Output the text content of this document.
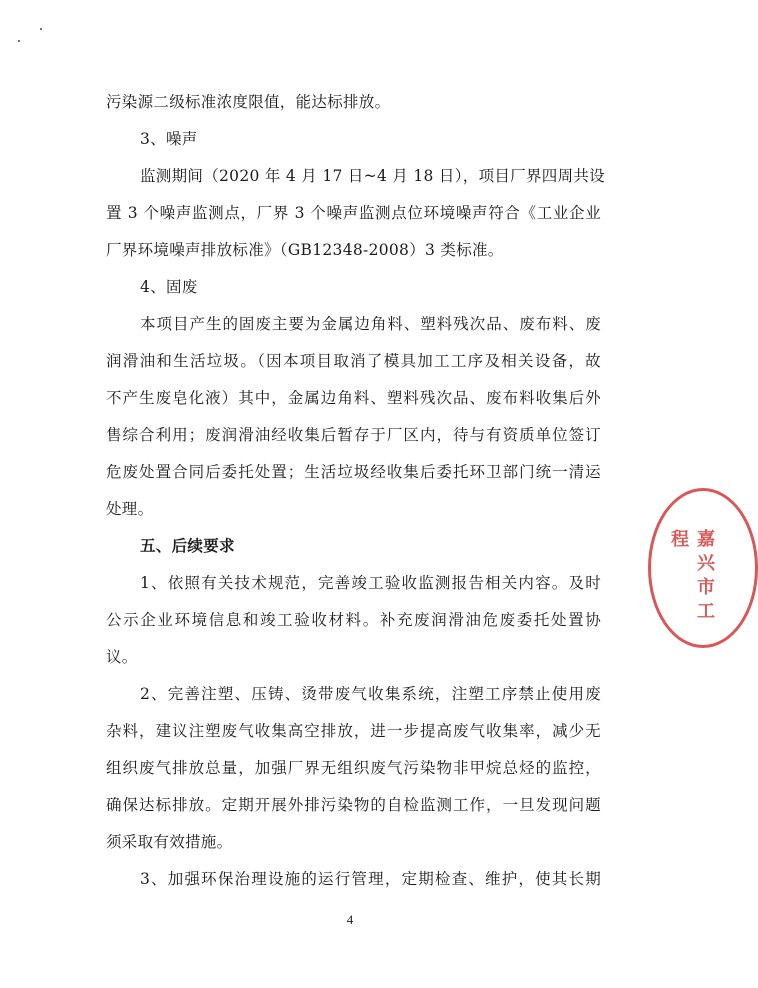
污染源二级标准浓度限值，能达标排放。
3、噪声
监测期间（2020 年 4 月 17 日~4 月 18 日），项目厂界四周共设
置 3 个噪声监测点，厂界 3 个噪声监测点位环境噪声符合《工业企业
厂界环境噪声排放标准》（GB12348-2008）3 类标准。
4、固废
本项目产生的固废主要为金属边角料、塑料残次品、废布料、废
润滑油和生活垃圾。（因本项目取消了模具加工工序及相关设备，故
不产生废皂化液）其中，金属边角料、塑料残次品、废布料收集后外
售综合利用；废润滑油经收集后暂存于厂区内，待与有资质单位签订
危废处置合同后委托处置；生活垃圾经收集后委托环卫部门统一清运
处理。
五、后续要求
1、依照有关技术规范，完善竣工验收监测报告相关内容。及时
公示企业环境信息和竣工验收材料。补充废润滑油危废委托处置协
议。
2、完善注塑、压铸、烫带废气收集系统，注塑工序禁止使用废
杂料，建议注塑废气收集高空排放，进一步提高废气收集率，减少无
组织废气排放总量，加强厂界无组织废气污染物非甲烷总烃的监控，
确保达标排放。定期开展外排污染物的自检监测工作，一旦发现问题
须采取有效措施。
3、加强环保治理设施的运行管理，定期检查、维护，使其长期
4
嘉兴市工程
